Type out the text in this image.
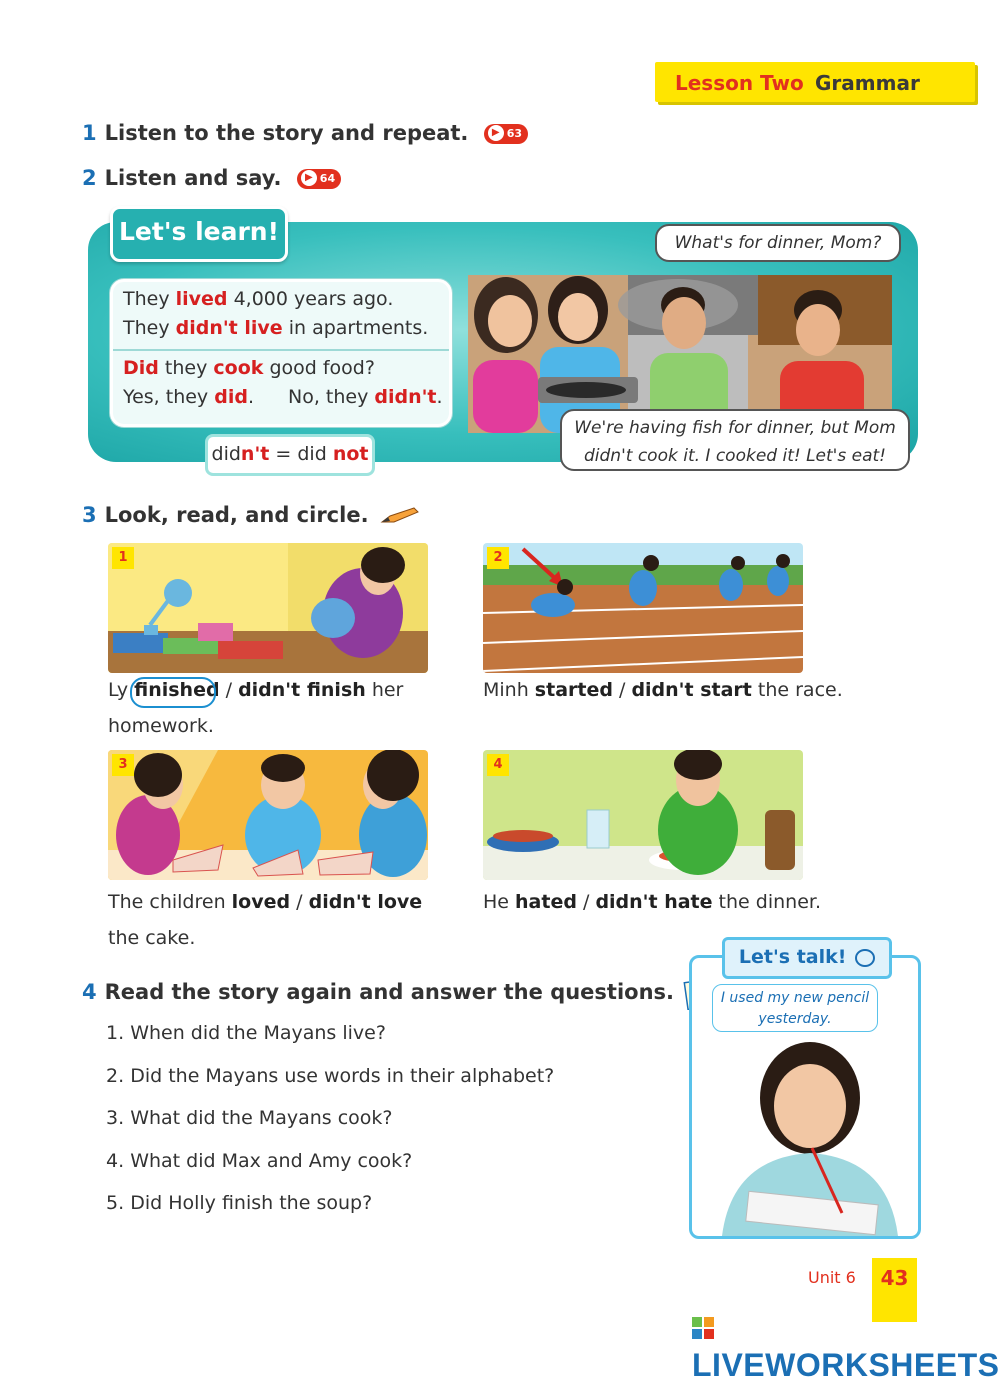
Lesson Two Grammar
1 Listen to the story and repeat. ▶ 63
2 Listen and say. ▶ 64
Let's learn!
They lived 4,000 years ago.
They didn't live in apartments.
Did they cook good food?
Yes, they did. No, they didn't.
didn't = did not
What's for dinner, Mom?
We're having fish for dinner, but Mom
didn't cook it. I cooked it! Let's eat!
3 Look, read, and circle.
1
Ly finished / didn't finish her
homework.
2
Minh started / didn't start the race.
3
The children loved / didn't love
the cake.
4
He hated / didn't hate the dinner.
4 Read the story again and answer the questions.
1. When did the Mayans live?
2. Did the Mayans use words in their alphabet?
3. What did the Mayans cook?
4. What did Max and Amy cook?
5. Did Holly finish the soup?
Let's talk!
I used my new pencil
yesterday.
Unit 6	43
LIVEWORKSHEETS
